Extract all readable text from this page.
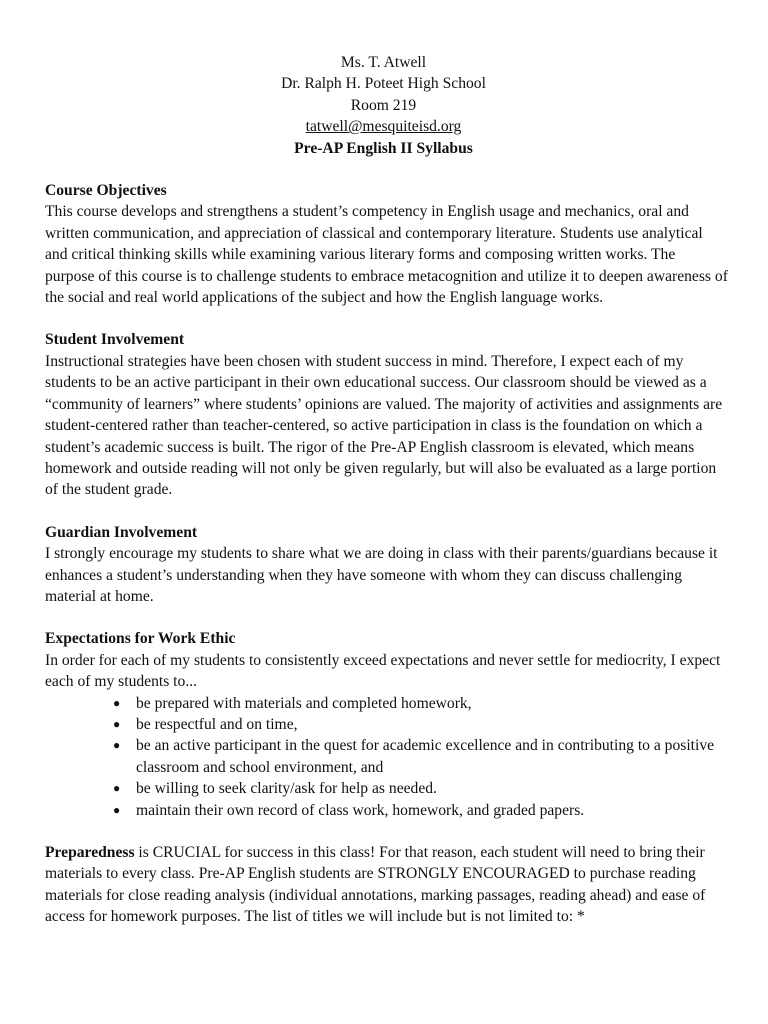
Ms. T. Atwell
Dr. Ralph H. Poteet High School
Room 219
tatwell@mesquiteisd.org
Pre-AP English II Syllabus
Course Objectives

This course develops and strengthens a student’s competency in English usage and mechanics, oral and written communication, and appreciation of classical and contemporary literature. Students use analytical and critical thinking skills while examining various literary forms and composing written works. The purpose of this course is to challenge students to embrace metacognition and utilize it to deepen awareness of the social and real world applications of the subject and how the English language works.

Student Involvement

Instructional strategies have been chosen with student success in mind. Therefore, I expect each of my students to be an active participant in their own educational success. Our classroom should be viewed as a “community of learners” where students’ opinions are valued. The majority of activities and assignments are student-centered rather than teacher-centered, so active participation in class is the foundation on which a student’s academic success is built. The rigor of the Pre-AP English classroom is elevated, which means homework and outside reading will not only be given regularly, but will also be evaluated as a large portion of the student grade.

Guardian Involvement

I strongly encourage my students to share what we are doing in class with their parents/guardians because it enhances a student’s understanding when they have someone with whom they can discuss challenging material at home.

Expectations for Work Ethic

In order for each of my students to consistently exceed expectations and never settle for mediocrity, I expect each of my students to...

● be prepared with materials and completed homework,
● be respectful and on time,
● be an active participant in the quest for academic excellence and in contributing to a positive classroom and school environment, and
● be willing to seek clarity/ask for help as needed.
● maintain their own record of class work, homework, and graded papers.

Preparedness is CRUCIAL for success in this class! For that reason, each student will need to bring their materials to every class. Pre-AP English students are STRONGLY ENCOURAGED to purchase reading materials for close reading analysis (individual annotations, marking passages, reading ahead) and ease of access for homework purposes. The list of titles we will include but is not limited to: *
